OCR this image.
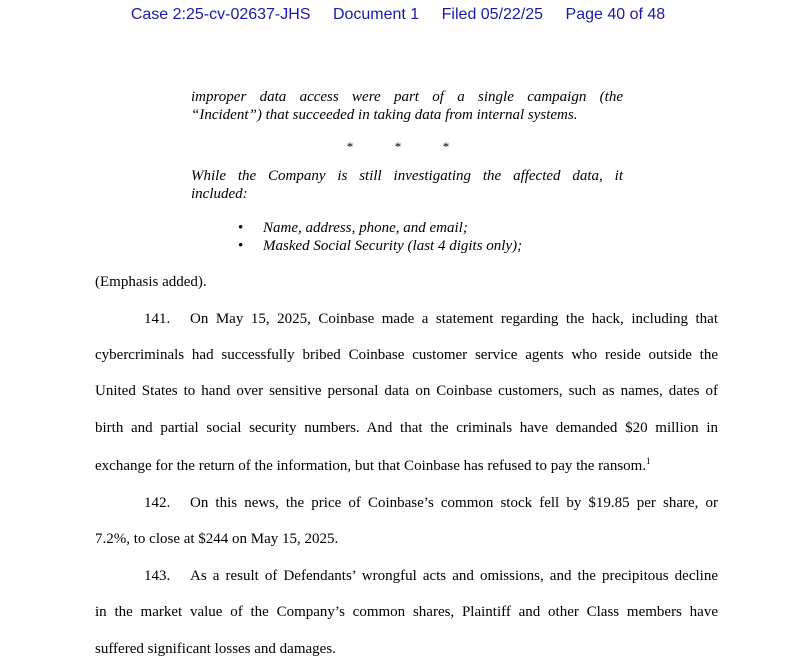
Case 2:25-cv-02637-JHS Document 1 Filed 05/22/25 Page 40 of 48
improper data access were part of a single campaign (the
“Incident”) that succeeded in taking data from internal systems.
*	*	*
While the Company is still investigating the affected data, it
included:
• Name, address, phone, and email;
• Masked Social Security (last 4 digits only);
(Emphasis added).
141. On May 15, 2025, Coinbase made a statement regarding the hack, including that
cybercriminals had successfully bribed Coinbase customer service agents who reside outside the
United States to hand over sensitive personal data on Coinbase customers, such as names, dates of
birth and partial social security numbers. And that the criminals have demanded $20 million in
exchange for the return of the information, but that Coinbase has refused to pay the ransom.$^1$
142. On this news, the price of Coinbase’s common stock fell by $19.85 per share, or
7.2%, to close at $244 on May 15, 2025.
143. As a result of Defendants’ wrongful acts and omissions, and the precipitous decline
in the market value of the Company’s common shares, Plaintiff and other Class members have
suffered significant losses and damages.
